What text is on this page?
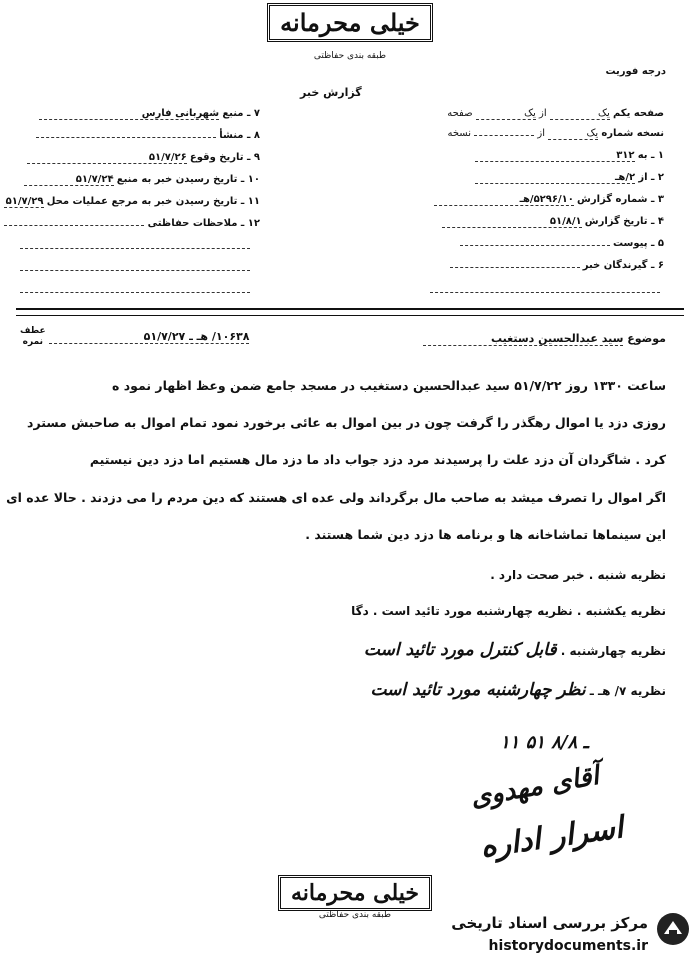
خیلی محرمانه
طبقه بندی حفاظتی
درجه فوریت
گزارش خبر
صفحه یکم یک از یک صفحه
نسخه شماره یک از  نسخه
۱ ـ به ۳۱۲
۲ ـ از ۲/هـ
۳ ـ شماره گزارش ۵۲۹۶/۱۰/هـ
۴ ـ تاریخ گزارش ۵۱/۸/۱
۵ ـ پیوست
۶ ـ گیرندگان خبر
۷ ـ منبع شهربانی فارس
۸ ـ منشأ
۹ ـ تاریخ وقوع ۵۱/۷/۲۶
۱۰ ـ تاریخ رسیدن خبر به منبع ۵۱/۷/۲۴
۱۱ ـ تاریخ رسیدن خبر به مرجع عملیات محل ۵۱/۷/۲۹
۱۲ ـ ملاحظات حفاظتی
موضوع سید عبدالحسین دستغیب
عطف
نمره	۱۰۶۳۸/ هـ ـ ۵۱/۷/۲۷
ساعت ۱۳۳۰ روز ۵۱/۷/۲۲ سید عبدالحسین دستغیب در مسجد جامع ضمن وعظ اظهار نمود ه
روزی دزد یا اموال رهگذر را گرفت چون در بین اموال به عائی برخورد نمود تمام اموال به صاحبش مسترد
کرد . شاگردان آن دزد علت را پرسیدند مرد دزد جواب داد ما دزد مال هستیم اما دزد دین نیستیم
اگر اموال را تصرف میشد به صاحب مال برگرداند ولی عده ای هستند که دین مردم را می دزدند . حالا عده ای
این سینماها تماشاخانه ها و برنامه ها دزد دین شما هستند .
نظریه شنبه . خبر صحت دارد .
نظریه یکشنبه . نظریه چهارشنبه مورد تائید است . دگا
نظریه چهارشنبه . قابل کنترل مورد تائید است
نظریه ۷/ هـ ـ نظر چهارشنبه مورد تائید است
۱۱ ـ ۸/۸ ۵۱
آقای مهدوی
اسرار اداره
خیلی محرمانه
طبقه بندی حفاظتی	مرکز بررسی اسناد تاریخی
historydocuments.ir
